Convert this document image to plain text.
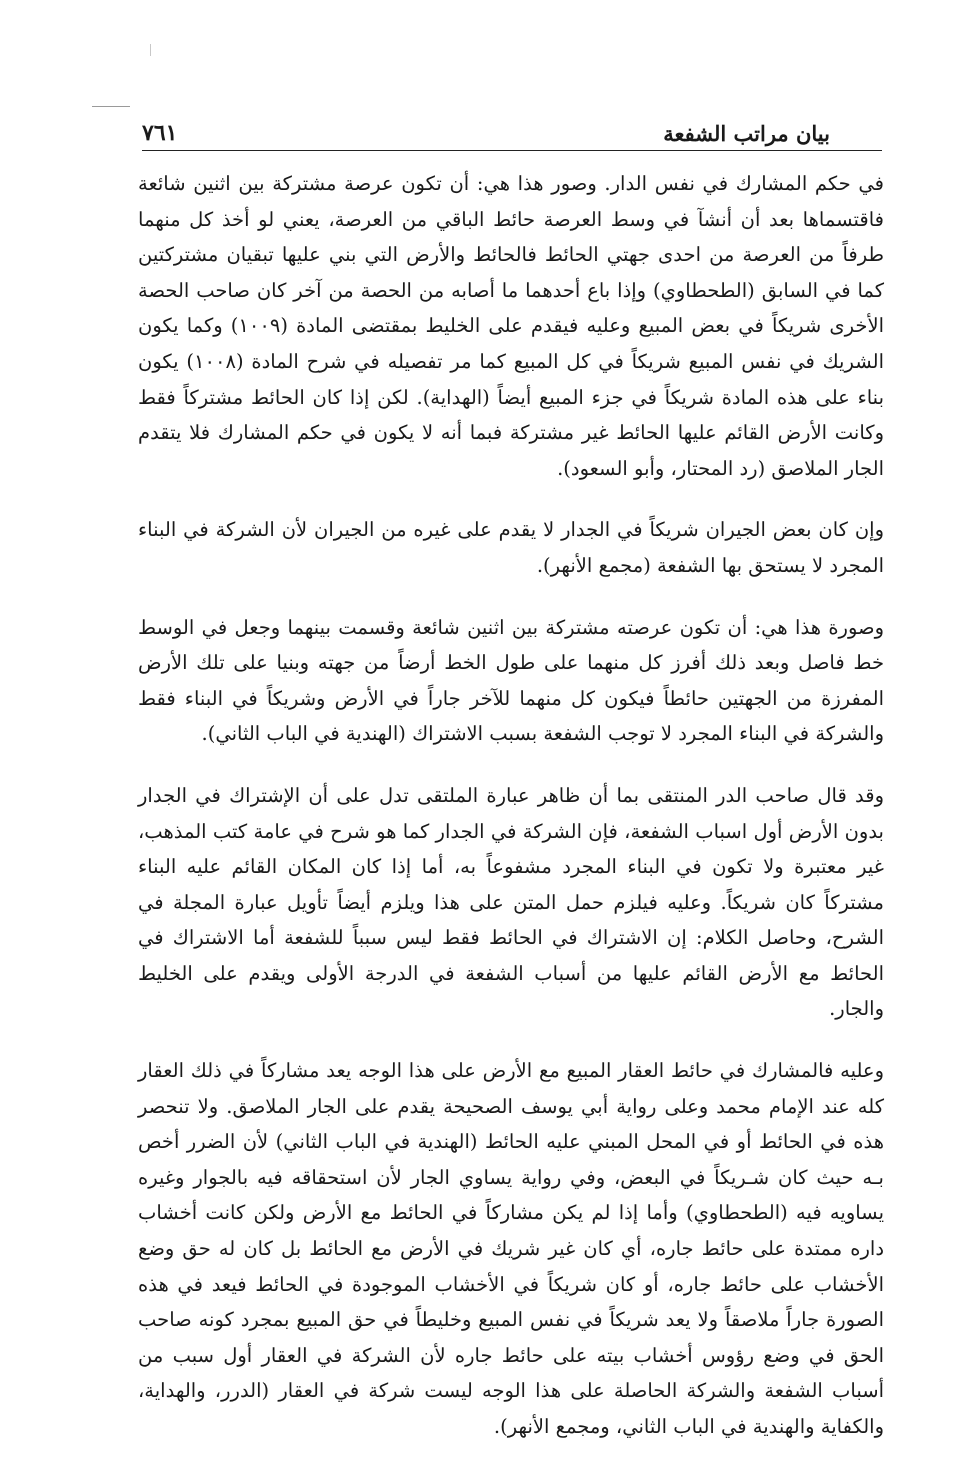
بيان مراتب الشفعة
٧٦١

في حكم المشارك في نفس الدار. وصور هذا هي: أن تكون عرصة مشتركة بين اثنين شائعة فاقتسماها بعد أن أنشآ في وسط العرصة حائط الباقي من العرصة، يعني لو أخذ كل منهما طرفاً من العرصة من احدى جهتي الحائط فالحائط والأرض التي بني عليها تبقيان مشتركتين كما في السابق (الطحطاوي) وإذا باع أحدهما ما أصابه من الحصة من آخر كان صاحب الحصة الأخرى شريكاً في بعض المبيع وعليه فيقدم على الخليط بمقتضى المادة (١٠٠٩) وكما يكون الشريك في نفس المبيع شريكاً في كل المبيع كما مر تفصيله في شرح المادة (١٠٠٨) يكون بناء على هذه المادة شريكاً في جزء المبيع أيضاً (الهداية). لكن إذا كان الحائط مشتركاً فقط وكانت الأرض القائم عليها الحائط غير مشتركة فبما أنه لا يكون في حكم المشارك فلا يتقدم الجار الملاصق (رد المحتار، وأبو السعود).

وإن كان بعض الجيران شريكاً في الجدار لا يقدم على غيره من الجيران لأن الشركة في البناء المجرد لا يستحق بها الشفعة (مجمع الأنهر).

وصورة هذا هي: أن تكون عرصته مشتركة بين اثنين شائعة وقسمت بينهما وجعل في الوسط خط فاصل وبعد ذلك أفرز كل منهما على طول الخط أرضاً من جهته وبنيا على تلك الأرض المفرزة من الجهتين حائطاً فيكون كل منهما للآخر جاراً في الأرض وشريكاً في البناء فقط والشركة في البناء المجرد لا توجب الشفعة بسبب الاشتراك (الهندية في الباب الثاني).

وقد قال صاحب الدر المنتقى بما أن ظاهر عبارة الملتقى تدل على أن الإشتراك في الجدار بدون الأرض أول اسباب الشفعة، فإن الشركة في الجدار كما هو شرح في عامة كتب المذهب، غير معتبرة ولا تكون في البناء المجرد مشفوعاً به، أما إذا كان المكان القائم عليه البناء مشتركاً كان شريكاً. وعليه فيلزم حمل المتن على هذا ويلزم أيضاً تأويل عبارة المجلة في الشرح، وحاصل الكلام: إن الاشتراك في الحائط فقط ليس سبباً للشفعة أما الاشتراك في الحائط مع الأرض القائم عليها من أسباب الشفعة في الدرجة الأولى ويقدم على الخليط والجار.

وعليه فالمشارك في حائط العقار المبيع مع الأرض على هذا الوجه يعد مشاركاً في ذلك العقار كله عند الإمام محمد وعلى رواية أبي يوسف الصحيحة يقدم على الجار الملاصق. ولا تنحصر هذه في الحائط أو في المحل المبني عليه الحائط (الهندية في الباب الثاني) لأن الضرر أخص بـه حيث كان شـريكاً في البعض، وفي رواية يساوي الجار لأن استحقاقه فيه بالجوار وغيره يساويه فيه (الطحطاوي) وأما إذا لم يكن مشاركاً في الحائط مع الأرض ولكن كانت أخشاب داره ممتدة على حائط جاره، أي كان غير شريك في الأرض مع الحائط بل كان له حق وضع الأخشاب على حائط جاره، أو كان شريكاً في الأخشاب الموجودة في الحائط فيعد في هذه الصورة جاراً ملاصقاً ولا يعد شريكاً في نفس المبيع وخليطاً في حق المبيع بمجرد كونه صاحب الحق في وضع رؤوس أخشاب بيته على حائط جاره لأن الشركة في العقار أول سبب من أسباب الشفعة والشركة الحاصلة على هذا الوجه ليست شركة في العقار (الدرر، والهداية، والكفاية والهندية في الباب الثاني، ومجمع الأنهر).
